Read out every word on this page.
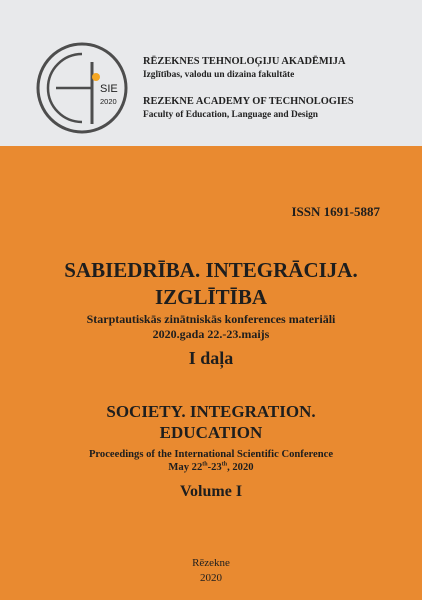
SIE
2020
RĒZEKNES TEHNOLOĢIJU AKADĒMIJA
Izglītības, valodu un dizaina fakultāte
REZEKNE ACADEMY OF TECHNOLOGIES
Faculty of Education, Language and Design
ISSN 1691-5887
SABIEDRĪBA. INTEGRĀCIJA.
IZGLĪTĪBA
Starptautiskās zinātniskās konferences materiāli
2020.gada 22.-23.maijs
I daļa
SOCIETY. INTEGRATION.
EDUCATION
Proceedings of the International Scientific Conference
May 22th-23th, 2020
Volume I
Rēzekne
2020
